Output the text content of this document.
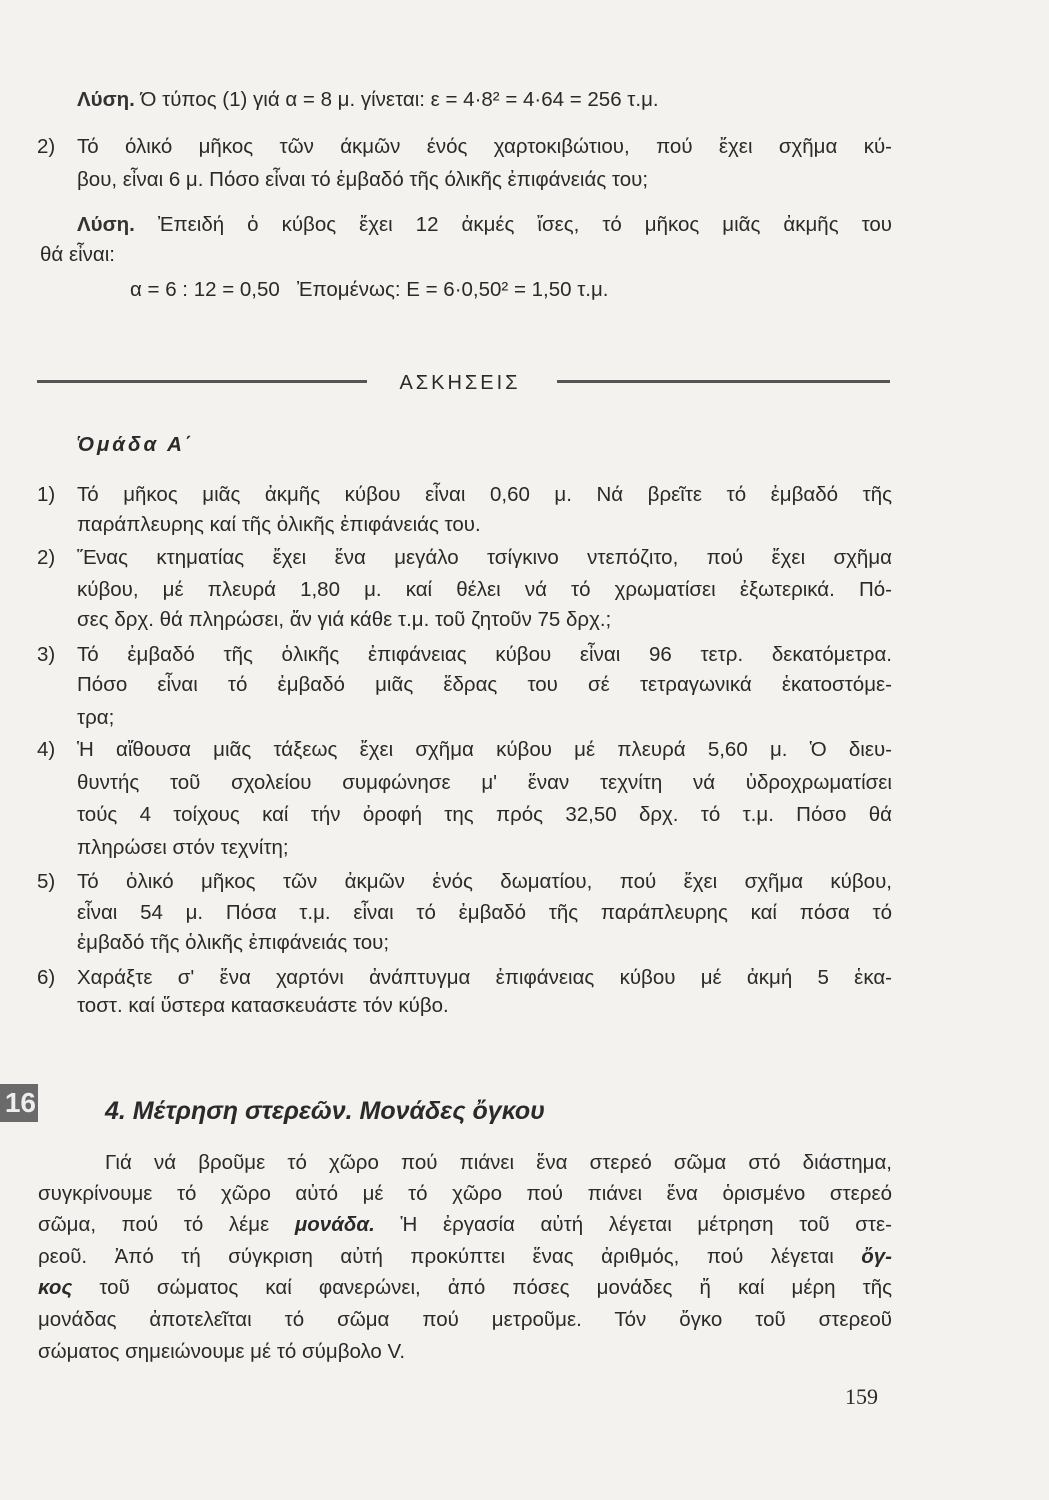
Λύση. Ό τύπος (1) γιά α = 8 μ. γίνεται: ε = 4·8² = 4·64 = 256 τ.μ.
2) Τό όλικό μῆκος τῶν άκμῶν ένός χαρτοκιβώτιου, πού ἔχει σχῆμα κύ-
βου, εἶναι 6 μ. Πόσο εἶναι τό ἐμβαδό τῆς όλικῆς ἐπιφάνειάς του;
Λύση. Ἐπειδή ὁ κύβος ἔχει 12 ἀκμές ἴσες, τό μῆκος μιᾶς ἀκμῆς του
θά εἶναι:
α = 6 : 12 = 0,50   Ἐπομένως: Ε = 6·0,50² = 1,50 τ.μ.
ΑΣΚΗΣΕΙΣ
Ὁμάδα Α΄
1) Τό μῆκος μιᾶς ἀκμῆς κύβου εἶναι 0,60 μ. Νά βρεῖτε τό ἐμβαδό τῆς
παράπλευρης καί τῆς ὁλικῆς ἐπιφάνειάς του.
2) Ἕνας κτηματίας ἔχει ἕνα μεγάλο τσίγκινο ντεπόζιτο, πού ἔχει σχῆμα
κύβου, μέ πλευρά 1,80 μ. καί θέλει νά τό χρωματίσει ἐξωτερικά. Πό-
σες δρχ. θά πληρώσει, ἄν γιά κάθε τ.μ. τοῦ ζητοῦν 75 δρχ.;
3) Τό ἐμβαδό τῆς ὁλικῆς ἐπιφάνειας κύβου εἶναι 96 τετρ. δεκατόμετρα.
Πόσο εἶναι τό ἐμβαδό μιᾶς ἕδρας του σέ τετραγωνικά ἑκατοστόμε-
τρα;
4) Ἡ αἴθουσα μιᾶς τάξεως ἔχει σχῆμα κύβου μέ πλευρά 5,60 μ. Ὁ διευ-
θυντής τοῦ σχολείου συμφώνησε μ' ἕναν τεχνίτη νά ὑδροχρωματίσει
τούς 4 τοίχους καί τήν ὀροφή της πρός 32,50 δρχ. τό τ.μ. Πόσο θά
πληρώσει στόν τεχνίτη;
5) Τό ὁλικό μῆκος τῶν ἀκμῶν ἑνός δωματίου, πού ἔχει σχῆμα κύβου,
εἶναι 54 μ. Πόσα τ.μ. εἶναι τό ἐμβαδό τῆς παράπλευρης καί πόσα τό
ἐμβαδό τῆς ὁλικῆς ἐπιφάνειάς του;
6) Χαράξτε σ' ἕνα χαρτόνι ἀνάπτυγμα ἐπιφάνειας κύβου μέ ἀκμή 5 ἑκα-
τοστ. καί ὕστερα κατασκευάστε τόν κύβο.
16	4. Μέτρηση στερεῶν. Μονάδες ὄγκου
Γιά νά βροῦμε τό χῶρο πού πιάνει ἕνα στερεό σῶμα στό διάστημα,
συγκρίνουμε τό χῶρο αὐτό μέ τό χῶρο πού πιάνει ἕνα ὁρισμένο στερεό
σῶμα, πού τό λέμε μονάδα. Ἡ ἐργασία αὐτή λέγεται μέτρηση τοῦ στε-
ρεοῦ. Ἀπό τή σύγκριση αὐτή προκύπτει ἕνας ἀριθμός, πού λέγεται ὄγ-
κος τοῦ σώματος καί φανερώνει, ἀπό πόσες μονάδες ἤ καί μέρη τῆς
μονάδας ἀποτελεῖται τό σῶμα πού μετροῦμε. Τόν ὄγκο τοῦ στερεοῦ
σώματος σημειώνουμε μέ τό σύμβολο V.
159
